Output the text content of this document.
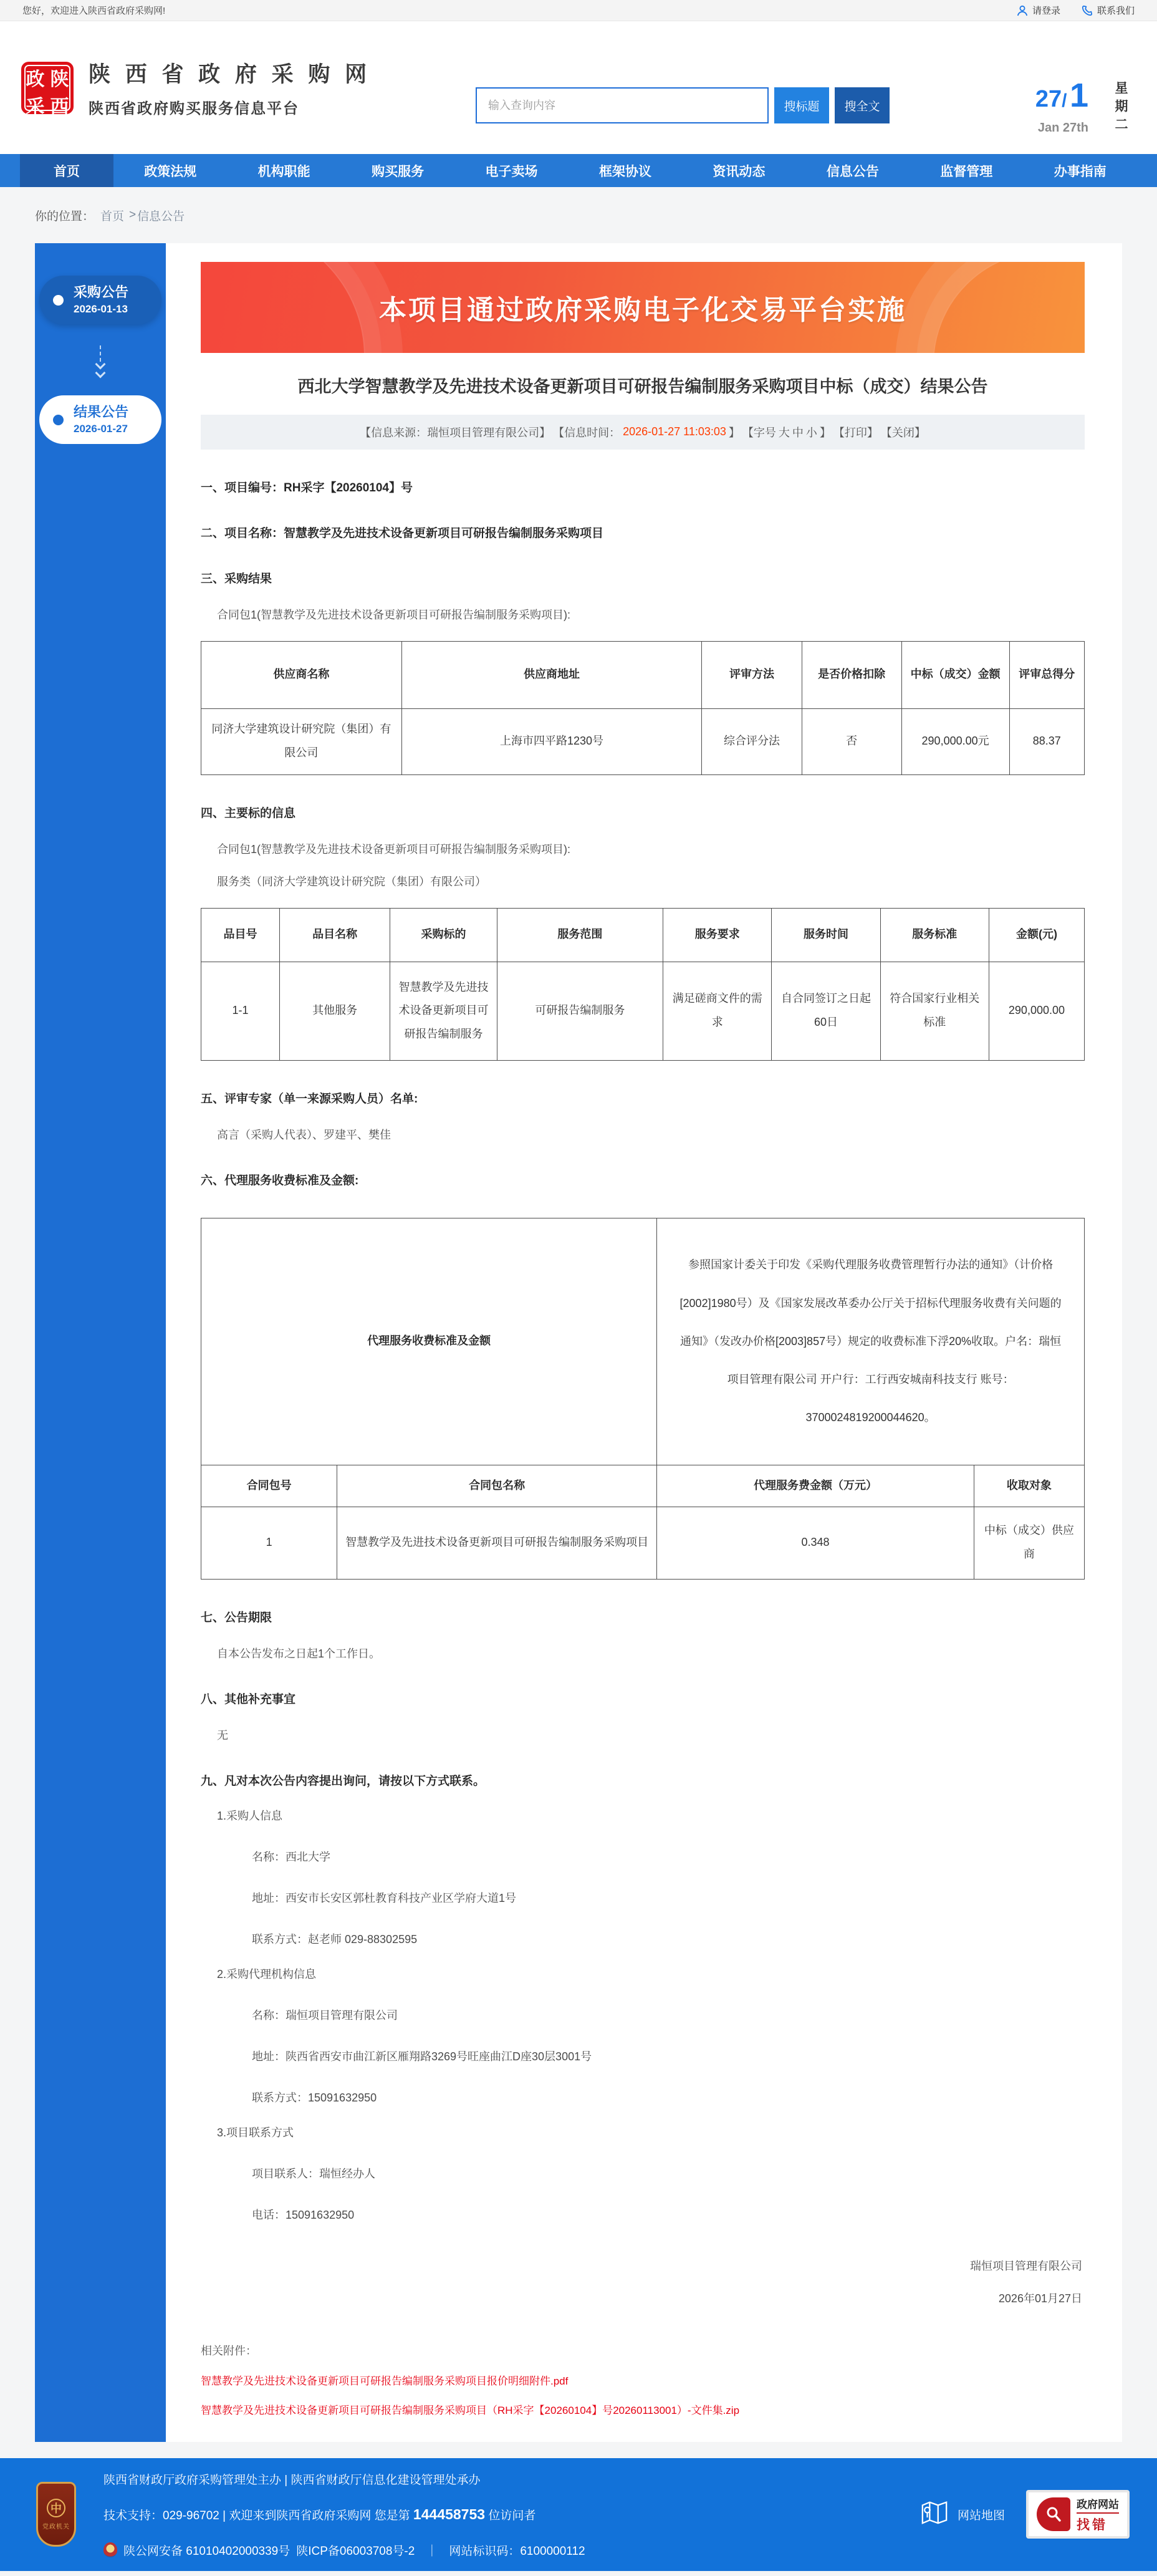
您好，欢迎进入陕西省政府采购网!	请登录	联系我们
政 陕
采 西
陕 西 省 政 府 采 购 网
陕西省政府购买服务信息平台
输入查询内容	搜标题	搜全文	27/ 1
Jan 27th 星期二
首页	政策法规	机构职能	购买服务	电子卖场	框架协议	资讯动态	信息公告	监督管理	办事指南
你的位置： 首页 > 信息公告
采购公告
2026-01-13
结果公告
2026-01-27
本项目通过政府采购电子化交易平台实施
西北大学智慧教学及先进技术设备更新项目可研报告编制服务采购项目中标（成交）结果公告
【信息来源：瑞恒项目管理有限公司】 【信息时间： 2026-01-27 11:03:03 】 【字号 大 中 小 】 【打印】 【关闭】
一、项目编号：RH采字【20260104】号
二、项目名称：智慧教学及先进技术设备更新项目可研报告编制服务采购项目
三、采购结果
合同包1(智慧教学及先进技术设备更新项目可研报告编制服务采购项目):
供应商名称	供应商地址	评审方法	是否价格扣除	中标（成交）金额	评审总得分
同济大学建筑设计研究院（集团）有限公司	上海市四平路1230号	综合评分法	否	290,000.00元	88.37
四、主要标的信息
合同包1(智慧教学及先进技术设备更新项目可研报告编制服务采购项目):
服务类（同济大学建筑设计研究院（集团）有限公司）
品目号	品目名称	采购标的	服务范围	服务要求	服务时间	服务标准	金额(元)
1-1	其他服务	智慧教学及先进技术设备更新项目可研报告编制服务	可研报告编制服务	满足磋商文件的需求	自合同签订之日起60日	符合国家行业相关标准	290,000.00
五、评审专家（单一来源采购人员）名单:
高言（采购人代表）、罗建平、樊佳
六、代理服务收费标准及金额:
代理服务收费标准及金额		参照国家计委关于印发《采购代理服务收费管理暂行办法的通知》（计价格[2002]1980号）及《国家发展改革委办公厅关于招标代理服务收费有关问题的通知》（发改办价格[2003]857号）规定的收费标准下浮20%收取。户名：瑞恒项目管理有限公司 开户行：工行西安城南科技支行 账号：3700024819200044620。	
合同包号	合同包名称	代理服务费金额（万元）	收取对象
1	智慧教学及先进技术设备更新项目可研报告编制服务采购项目	0.348	中标（成交）供应商
七、公告期限
自本公告发布之日起1个工作日。
八、其他补充事宜
无
九、凡对本次公告内容提出询问，请按以下方式联系。
1.采购人信息
名称：西北大学
地址：西安市长安区郭杜教育科技产业区学府大道1号
联系方式：赵老师 029-88302595
2.采购代理机构信息
名称：瑞恒项目管理有限公司
地址：陕西省西安市曲江新区雁翔路3269号旺座曲江D座30层3001号
联系方式：15091632950
3.项目联系方式
项目联系人：瑞恒经办人
电话：15091632950
瑞恒项目管理有限公司
2026年01月27日
相关附件：
智慧教学及先进技术设备更新项目可研报告编制服务采购项目报价明细附件.pdf
智慧教学及先进技术设备更新项目可研报告编制服务采购项目（RH采字【20260104】号20260113001）-文件集.zip
中
党政机关
陕西省财政厅政府采购管理处主办 | 陕西省财政厅信息化建设管理处承办
技术支持：029-96702 | 欢迎来到陕西省政府采购网 您是第 144458753 位访问者
陕公网安备 61010402000339号 陕ICP备06003708号-2 ｜ 网站标识码：6100000112
网站地图
政府网站
找错
